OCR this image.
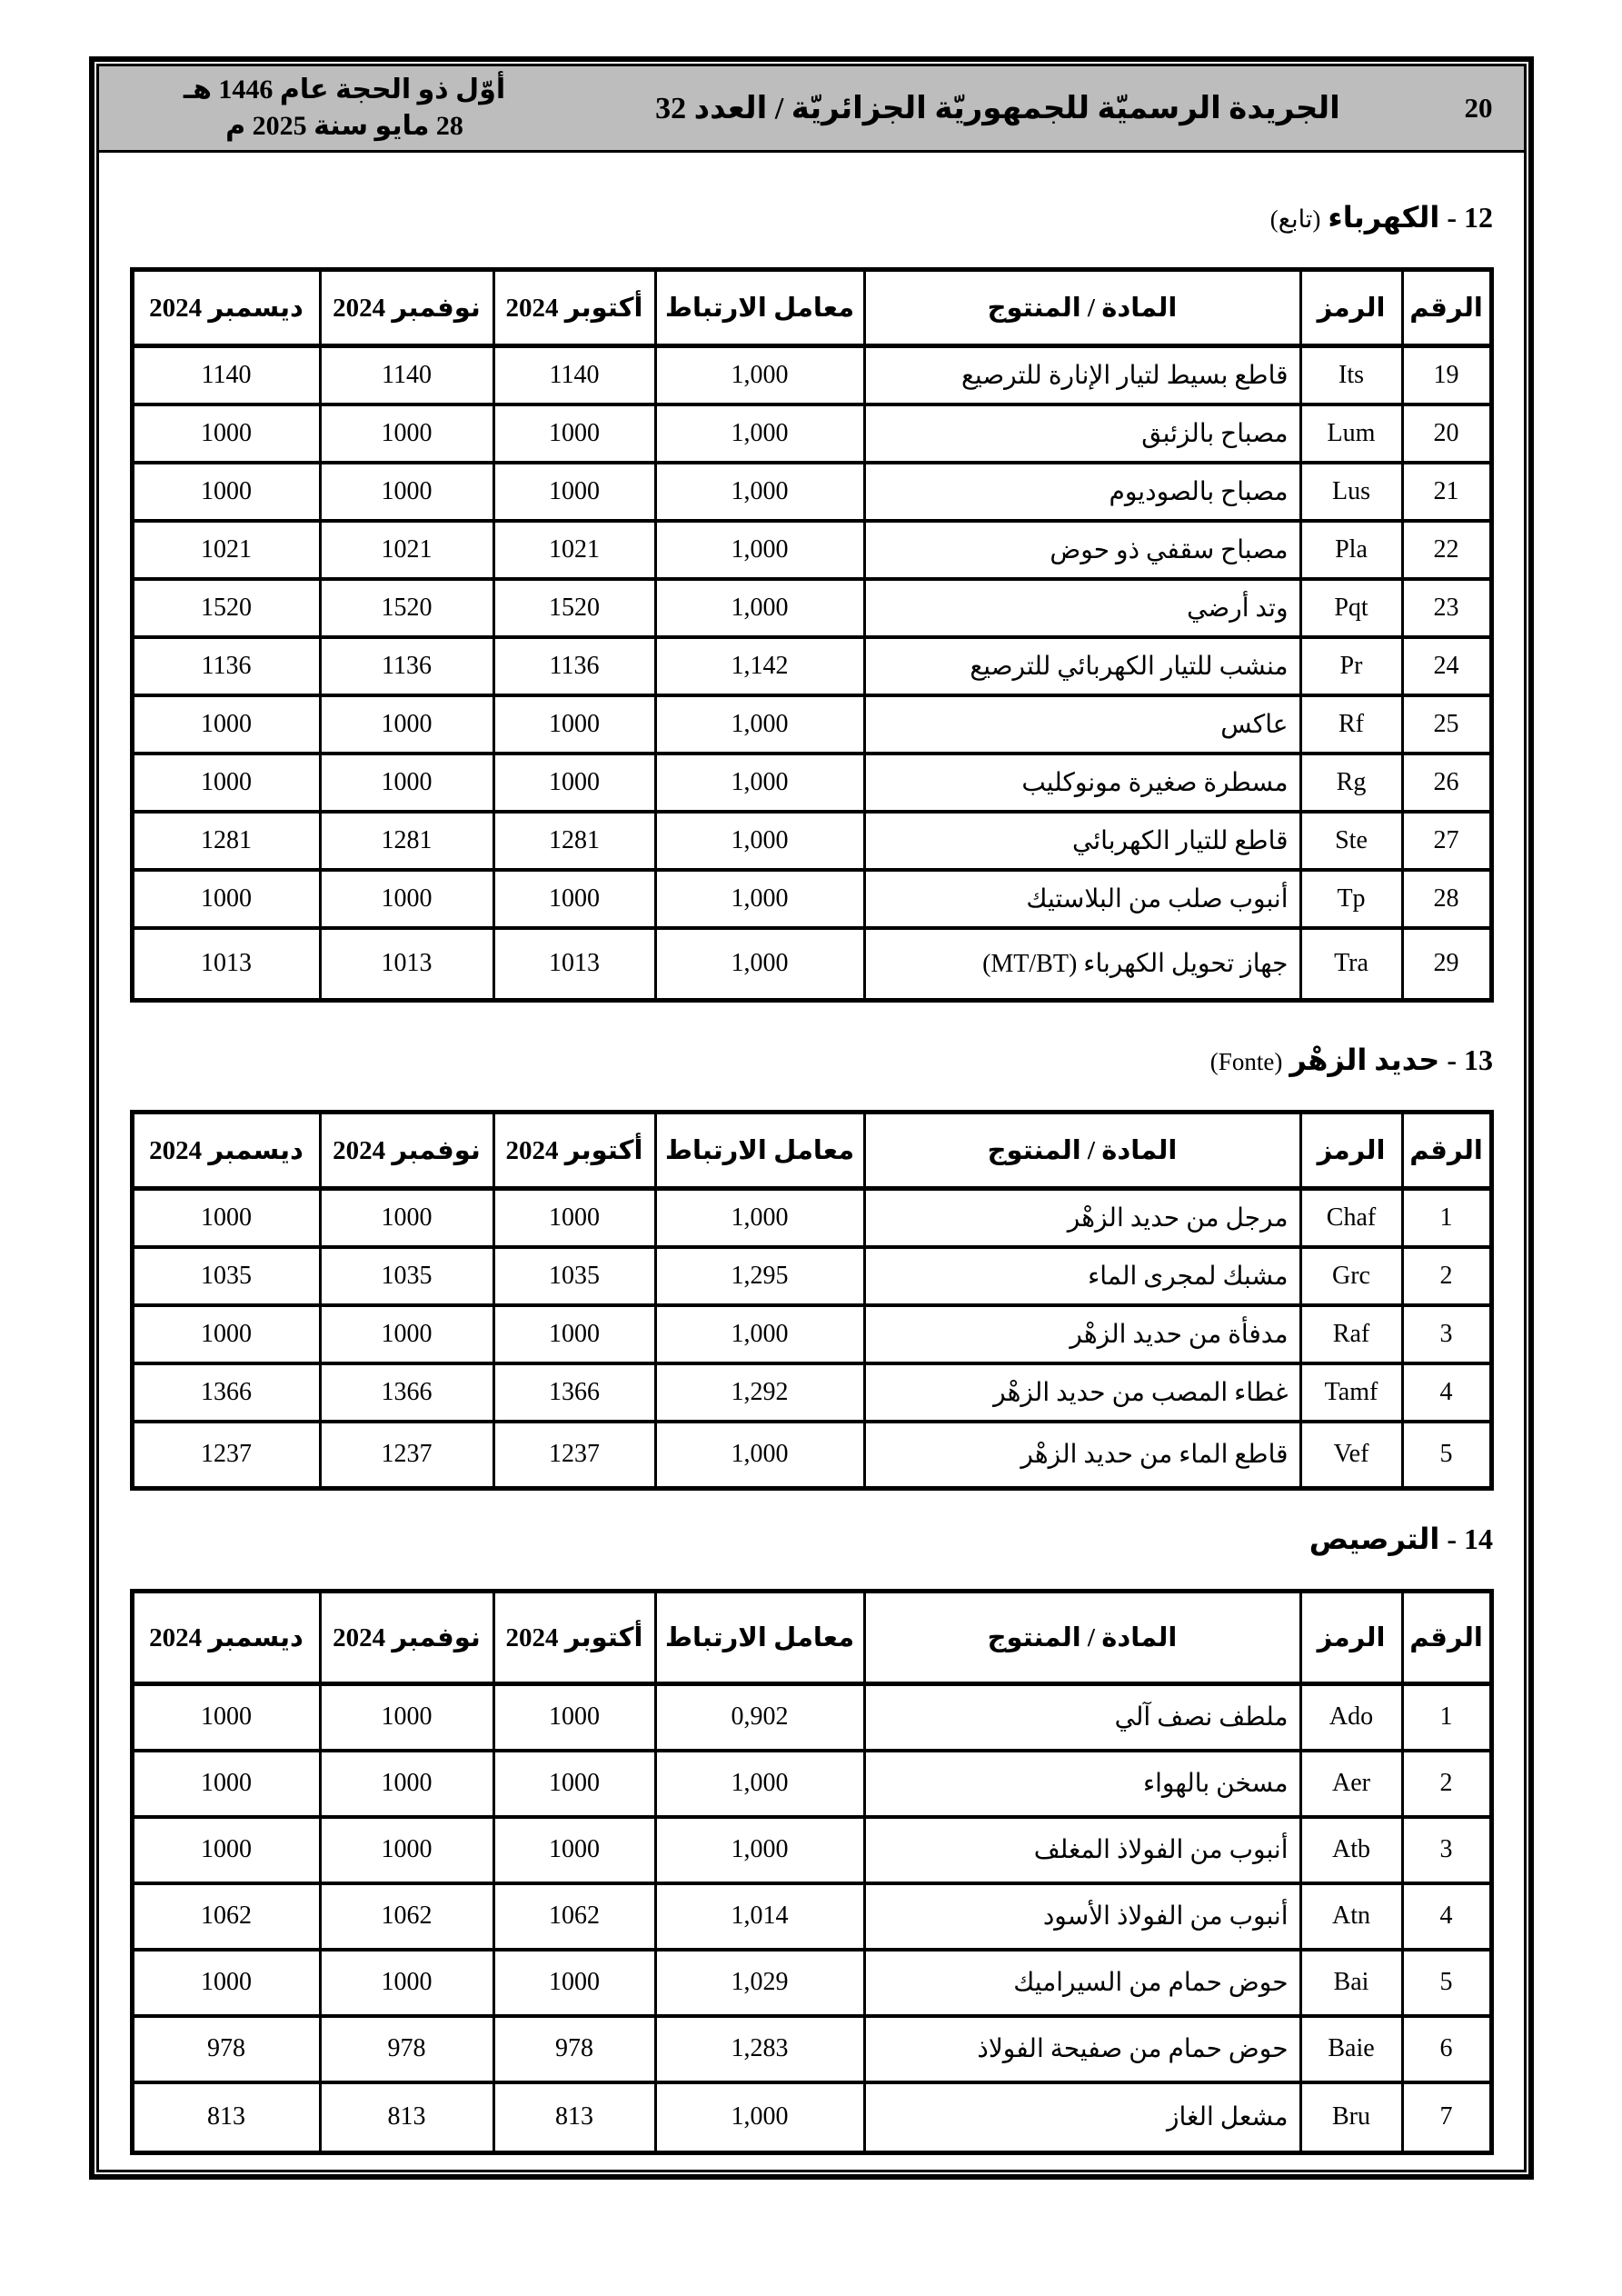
20
الجريدة الرسميّة للجمهوريّة الجزائريّة / العدد 32
أوّل ذو الحجة عام 1446 هـ
28 مايو سنة 2025 م
12 - الكهرباء (تابع)
الرقم	الرمز	المادة / المنتوج	معامل الارتباط	أكتوبر 2024	نوفمبر 2024	ديسمبر 2024
19	Its	قاطع بسيط لتيار الإنارة للترصيع	1,000	1140	1140	1140
20	Lum	مصباح بالزئبق	1,000	1000	1000	1000
21	Lus	مصباح بالصوديوم	1,000	1000	1000	1000
22	Pla	مصباح سقفي ذو حوض	1,000	1021	1021	1021
23	Pqt	وتد أرضي	1,000	1520	1520	1520
24	Pr	منشب للتيار الكهربائي للترصيع	1,142	1136	1136	1136
25	Rf	عاكس	1,000	1000	1000	1000
26	Rg	مسطرة صغيرة مونوكليب	1,000	1000	1000	1000
27	Ste	قاطع للتيار الكهربائي	1,000	1281	1281	1281
28	Tp	أنبوب صلب من البلاستيك	1,000	1000	1000	1000
29	Tra	جهاز تحويل الكهرباء (MT/BT)	1,000	1013	1013	1013
13 - حديد الزهْر (Fonte)
الرقم	الرمز	المادة / المنتوج	معامل الارتباط	أكتوبر 2024	نوفمبر 2024	ديسمبر 2024
1	Chaf	مرجل من حديد الزهْر	1,000	1000	1000	1000
2	Grc	مشبك لمجرى الماء	1,295	1035	1035	1035
3	Raf	مدفأة من حديد الزهْر	1,000	1000	1000	1000
4	Tamf	غطاء المصب من حديد الزهْر	1,292	1366	1366	1366
5	Vef	قاطع الماء من حديد الزهْر	1,000	1237	1237	1237
14 - الترصيص
الرقم	الرمز	المادة / المنتوج	معامل الارتباط	أكتوبر 2024	نوفمبر 2024	ديسمبر 2024
1	Ado	ملطف نصف آلي	0,902	1000	1000	1000
2	Aer	مسخن بالهواء	1,000	1000	1000	1000
3	Atb	أنبوب من الفولاذ المغلف	1,000	1000	1000	1000
4	Atn	أنبوب من الفولاذ الأسود	1,014	1062	1062	1062
5	Bai	حوض حمام من السيراميك	1,029	1000	1000	1000
6	Baie	حوض حمام من صفيحة الفولاذ	1,283	978	978	978
7	Bru	مشعل الغاز	1,000	813	813	813
